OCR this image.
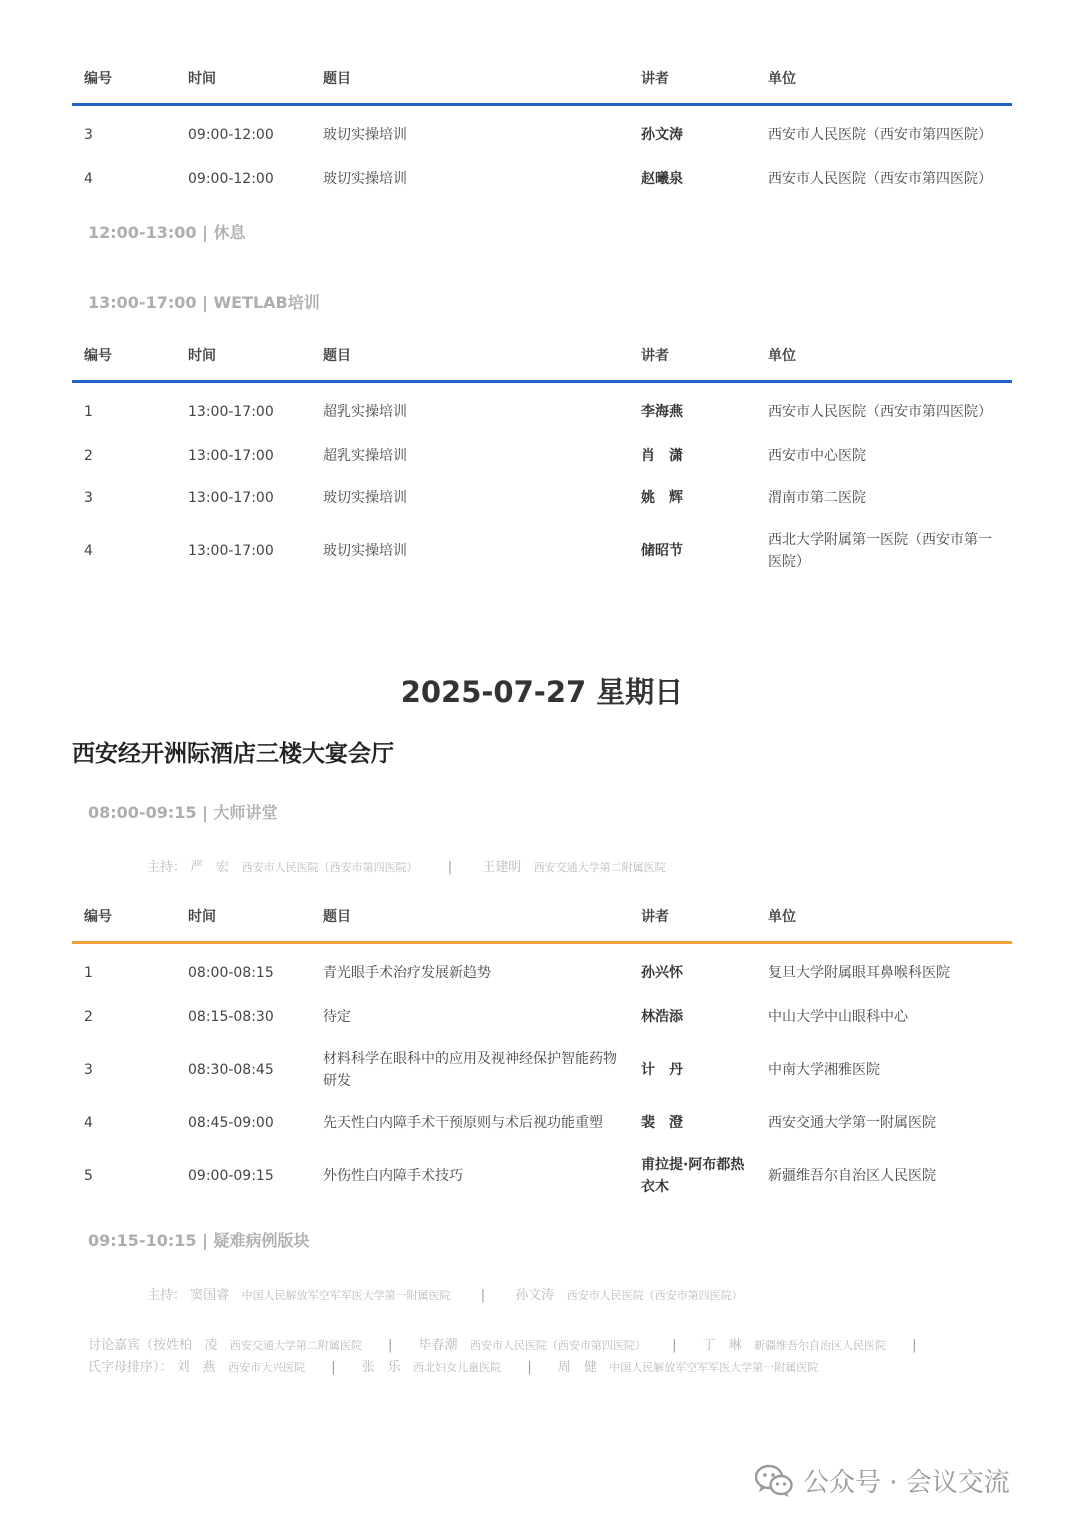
编号	时间	题目	讲者	单位
3	09:00-12:00	玻切实操培训	孙文涛	西安市人民医院（西安市第四医院）
4	09:00-12:00	玻切实操培训	赵曦泉	西安市人民医院（西安市第四医院）
12:00-13:00 | 休息
13:00-17:00 | WETLAB培训
编号	时间	题目	讲者	单位
1	13:00-17:00	超乳实操培训	李海燕	西安市人民医院（西安市第四医院）
2	13:00-17:00	超乳实操培训	肖　潇	西安市中心医院
3	13:00-17:00	玻切实操培训	姚　辉	渭南市第二医院
4	13:00-17:00	玻切实操培训	储昭节	西北大学附属第一医院（西安市第一医院）
2025-07-27 星期日
西安经开洲际酒店三楼大宴会厅
08:00-09:15 | 大师讲堂
主持： 严　宏 西安市人民医院（西安市第四医院） | 王建明 西安交通大学第二附属医院
编号	时间	题目	讲者	单位
1	08:00-08:15	青光眼手术治疗发展新趋势	孙兴怀	复旦大学附属眼耳鼻喉科医院
2	08:15-08:30	待定	林浩添	中山大学中山眼科中心
3	08:30-08:45	材料科学在眼科中的应用及视神经保护智能药物研发	计　丹	中南大学湘雅医院
4	08:45-09:00	先天性白内障手术干预原则与术后视功能重塑	裴　澄	西安交通大学第一附属医院
5	09:00-09:15	外伤性白内障手术技巧	甫拉提·阿布都热衣木	新疆维吾尔自治区人民医院
09:15-10:15 | 疑难病例版块
主持： 窦国睿 中国人民解放军空军军医大学第一附属医院 | 孙文涛 西安市人民医院（西安市第四医院）
讨论嘉宾（按姓柏 凌 西安交通大学第二附属医院 | 毕春潮 西安市人民医院（西安市第四医院） | 丁　琳 新疆维吾尔自治区人民医院 |
氏字母排序）： 刘　燕 西安市大兴医院 | 张　乐 西北妇女儿童医院 | 周　健 中国人民解放军空军军医大学第一附属医院
公众号 · 会议交流
